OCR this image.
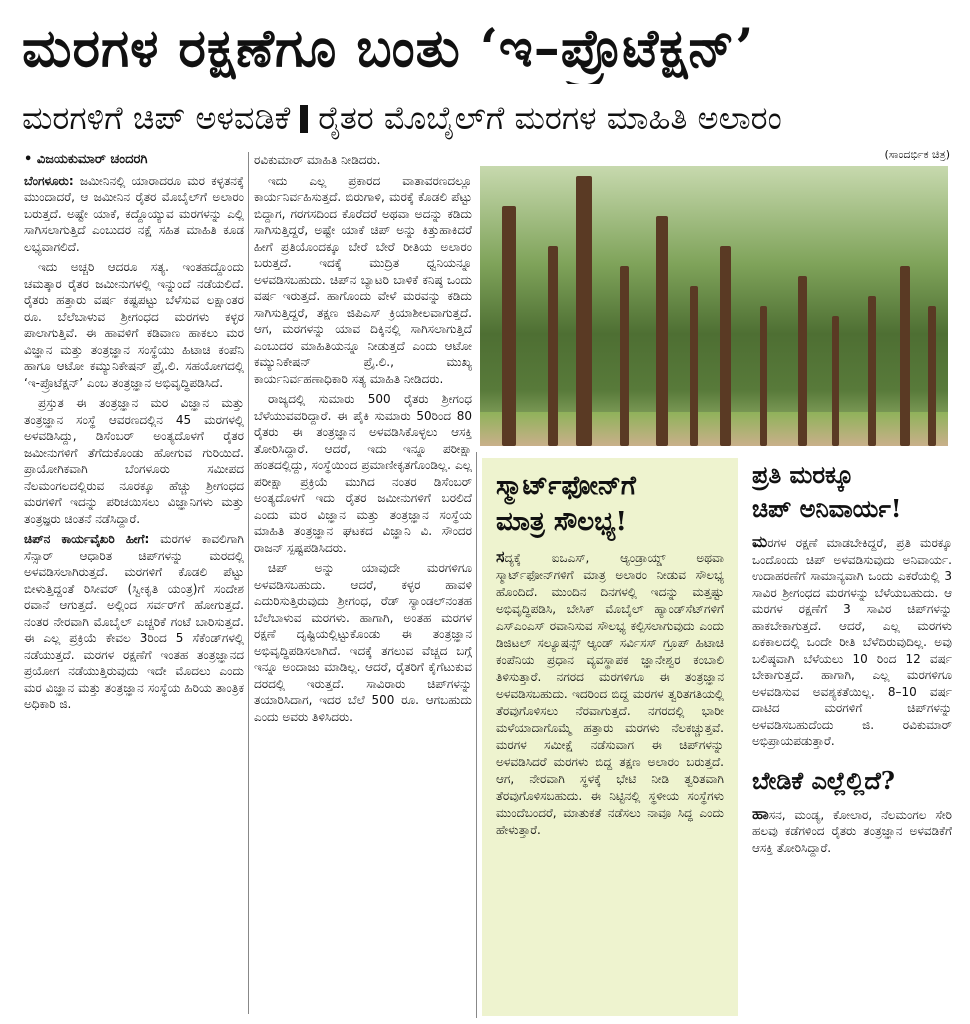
ಮರಗಳ ರಕ್ಷಣೆಗೂ ಬಂತು ‘ಇ–ಪ್ರೊಟೆಕ್ಷನ್’
ಮರಗಳಿಗೆ ಚಿಪ್ ಅಳವಡಿಕೆ ರೈತರ ಮೊಬೈಲ್‌ಗೆ ಮರಗಳ ಮಾಹಿತಿ ಅಲಾರಂ
(ಸಾಂದರ್ಭಿಕ ಚಿತ್ರ)
• ವಿಜಯಕುಮಾರ್ ಚಂದರಗಿ

ಬೆಂಗಳೂರು: ಜಮೀನಿನಲ್ಲಿ ಯಾರಾದರೂ ಮರ ಕಳ್ಳತನಕ್ಕೆ ಮುಂದಾದರೆ, ಆ ಜಮೀನಿನ ರೈತರ ಮೊಬೈಲ್‌ಗೆ ಅಲಾರಂ ಬರುತ್ತದೆ. ಅಷ್ಟೇ ಯಾಕೆ, ಕದ್ದೊಯ್ಯುವ ಮರಗಳನ್ನು ಎಲ್ಲಿ ಸಾಗಿಸಲಾಗುತ್ತಿದೆ ಎಂಬುದರ ನಕ್ಷೆ ಸಹಿತ ಮಾಹಿತಿ ಕೂಡ ಲಭ್ಯವಾಗಲಿದೆ.

ಇದು ಅಚ್ಚರಿ ಆದರೂ ಸತ್ಯ. ಇಂತಹದ್ದೊಂದು ಚಮತ್ಕಾರ ರೈತರ ಜಮೀನುಗಳಲ್ಲಿ ಇನ್ನುಂದೆ ನಡೆಯಲಿದೆ. ರೈತರು ಹತ್ತಾರು ವರ್ಷ ಕಷ್ಟಪಟ್ಟು ಬೆಳೆಸುವ ಲಕ್ಷಾಂತರ ರೂ. ಬೆಲೆಬಾಳುವ ಶ್ರೀಗಂಧದ ಮರಗಳು ಕಳ್ಳರ ಪಾಲಾಗುತ್ತಿವೆ. ಈ ಹಾವಳಿಗೆ ಕಡಿವಾಣ ಹಾಕಲು ಮರ ವಿಜ್ಞಾನ ಮತ್ತು ತಂತ್ರಜ್ಞಾನ ಸಂಸ್ಥೆಯು ಹಿಟಾಚಿ ಕಂಪೆನಿ ಹಾಗೂ ಆಟೋ ಕಮ್ಯುನಿಕೇಷನ್ ಪ್ರೈ.ಲಿ. ಸಹಯೋಗದಲ್ಲಿ ‘ಇ-ಪ್ರೊಟೆಕ್ಷನ್’ ಎಂಬ ತಂತ್ರಜ್ಞಾನ ಅಭಿವೃದ್ಧಿಪಡಿಸಿದೆ.

ಪ್ರಸ್ತುತ ಈ ತಂತ್ರಜ್ಞಾನ ಮರ ವಿಜ್ಞಾನ ಮತ್ತು ತಂತ್ರಜ್ಞಾನ ಸಂಸ್ಥೆ ಆವರಣದಲ್ಲಿನ 45 ಮರಗಳಲ್ಲಿ ಅಳವಡಿಸಿದ್ದು, ಡಿಸೆಂಬರ್ ಅಂತ್ಯದೊಳಗೆ ರೈತರ ಜಮೀನುಗಳಿಗೆ ತೆಗೆದುಕೊಂಡು ಹೋಗುವ ಗುರಿಯಿದೆ. ಪ್ರಾಯೋಗಿಕವಾಗಿ ಬೆಂಗಳೂರು ಸಮೀಪದ ನೆಲಮಂಗಲದಲ್ಲಿರುವ ನೂರಕ್ಕೂ ಹೆಚ್ಚು ಶ್ರೀಗಂಧದ ಮರಗಳಿಗೆ ಇದನ್ನು ಪರಿಚಯಿಸಲು ವಿಜ್ಞಾನಿಗಳು ಮತ್ತು ತಂತ್ರಜ್ಞರು ಚಿಂತನೆ ನಡೆಸಿದ್ದಾರೆ.

ಚಿಪ್‌ನ ಕಾರ್ಯವೈಖರಿ ಹೀಗೆ: ಮರಗಳ ಕಾವಲಿಗಾಗಿ ಸೆನ್ಸಾರ್ ಆಧಾರಿತ ಚಿಪ್‌ಗಳನ್ನು ಮರದಲ್ಲಿ ಅಳವಡಿಸಲಾಗಿರುತ್ತದೆ. ಮರಗಳಿಗೆ ಕೊಡಲಿ ಪೆಟ್ಟು ಬೀಳುತ್ತಿದ್ದಂತೆ ರಿಸೀವರ್ (ಸ್ವೀಕೃತಿ ಯಂತ್ರ)ಗೆ ಸಂದೇಶ ರವಾನೆ ಆಗುತ್ತದೆ. ಅಲ್ಲಿಂದ ಸರ್ವರ್‌ಗೆ ಹೋಗುತ್ತದೆ. ನಂತರ ನೇರವಾಗಿ ಮೊಬೈಲ್ ಎಚ್ಚರಿಕೆ ಗಂಟೆ ಬಾರಿಸುತ್ತದೆ. ಈ ಎಲ್ಲ ಪ್ರಕ್ರಿಯೆ ಕೇವಲ 3ರಿಂದ 5 ಸೆಕೆಂಡ್‌ಗಳಲ್ಲಿ ನಡೆಯುತ್ತದೆ. ಮರಗಳ ರಕ್ಷಣೆಗೆ ಇಂತಹ ತಂತ್ರಜ್ಞಾನದ ಪ್ರಯೋಗ ನಡೆಯುತ್ತಿರುವುದು ಇದೇ ಮೊದಲು ಎಂದು ಮರ ವಿಜ್ಞಾನ ಮತ್ತು ತಂತ್ರಜ್ಞಾನ ಸಂಸ್ಥೆಯ ಹಿರಿಯ ತಾಂತ್ರಿಕ ಅಧಿಕಾರಿ ಜಿ.

ರವಿಕುಮಾರ್ ಮಾಹಿತಿ ನೀಡಿದರು.

ಇದು ಎಲ್ಲ ಪ್ರಕಾರದ ವಾತಾವರಣದಲ್ಲೂ ಕಾರ್ಯನಿರ್ವಹಿಸುತ್ತದೆ. ಬಿರುಗಾಳಿ, ಮರಕ್ಕೆ ಕೊಡಲಿ ಪೆಟ್ಟು ಬಿದ್ದಾಗ, ಗರಗಸದಿಂದ ಕೊರೆದರೆ ಅಥವಾ ಅದನ್ನು ಕಡಿದು ಸಾಗಿಸುತ್ತಿದ್ದರೆ, ಅಷ್ಟೇ ಯಾಕೆ ಚಿಪ್ ಅನ್ನು ಕಿತ್ತುಹಾಕಿದರೆ ಹೀಗೆ ಪ್ರತಿಯೊಂದಕ್ಕೂ ಬೇರೆ ಬೇರೆ ರೀತಿಯ ಅಲಾರಂ ಬರುತ್ತದೆ. ಇದಕ್ಕೆ ಮುದ್ರಿತ ಧ್ವನಿಯನ್ನೂ ಅಳವಡಿಸಬಹುದು. ಚಿಪ್‌ನ ಬ್ಯಾಟರಿ ಬಾಳಿಕೆ ಕನಿಷ್ಠ ಒಂದು ವರ್ಷ ಇರುತ್ತದೆ. ಹಾಗೊಂದು ವೇಳೆ ಮರವನ್ನು ಕಡಿದು ಸಾಗಿಸುತ್ತಿದ್ದರೆ, ತಕ್ಷಣ ಜಿಪಿಎಸ್ ಕ್ರಿಯಾಶೀಲವಾಗುತ್ತದೆ. ಆಗ, ಮರಗಳನ್ನು ಯಾವ ದಿಕ್ಕಿನಲ್ಲಿ ಸಾಗಿಸಲಾಗುತ್ತಿದೆ ಎಂಬುದರ ಮಾಹಿತಿಯನ್ನೂ ನೀಡುತ್ತದೆ ಎಂದು ಆಟೋ ಕಮ್ಯುನಿಕೇಷನ್ ಪ್ರೈ.ಲಿ., ಮುಖ್ಯ ಕಾರ್ಯನಿರ್ವಹಣಾಧಿಕಾರಿ ಸತ್ಯ ಮಾಹಿತಿ ನೀಡಿದರು.

ರಾಜ್ಯದಲ್ಲಿ ಸುಮಾರು 500 ರೈತರು ಶ್ರೀಗಂಧ ಬೆಳೆಯುವವರಿದ್ದಾರೆ. ಈ ಪೈಕಿ ಸುಮಾರು 50ರಿಂದ 80 ರೈತರು ಈ ತಂತ್ರಜ್ಞಾನ ಅಳವಡಿಸಿಕೊಳ್ಳಲು ಆಸಕ್ತಿ ತೋರಿಸಿದ್ದಾರೆ. ಆದರೆ, ಇದು ಇನ್ನೂ ಪರೀಕ್ಷಾ ಹಂತದಲ್ಲಿದ್ದು, ಸಂಸ್ಥೆಯಿಂದ ಪ್ರಮಾಣೀಕೃತಗೊಂಡಿಲ್ಲ. ಎಲ್ಲ ಪರೀಕ್ಷಾ ಪ್ರಕ್ರಿಯೆ ಮುಗಿದ ನಂತರ ಡಿಸೆಂಬರ್ ಅಂತ್ಯದೊಳಗೆ ಇದು ರೈತರ ಜಮೀನುಗಳಿಗೆ ಬರಲಿದೆ ಎಂದು ಮರ ವಿಜ್ಞಾನ ಮತ್ತು ತಂತ್ರಜ್ಞಾನ ಸಂಸ್ಥೆಯ ಮಾಹಿತಿ ತಂತ್ರಜ್ಞಾನ ಘಟಕದ ವಿಜ್ಞಾನಿ ವಿ. ಸೌಂದರ ರಾಜನ್ ಸ್ಪಷ್ಟಪಡಿಸಿದರು.

ಚಿಪ್ ಅನ್ನು ಯಾವುದೇ ಮರಗಳಿಗೂ ಅಳವಡಿಸಬಹುದು. ಆದರೆ, ಕಳ್ಳರ ಹಾವಳಿ ಎದುರಿಸುತ್ತಿರುವುದು ಶ್ರೀಗಂಧ, ರೆಡ್ ಸ್ಯಾಂಡಲ್‌ನಂತಹ ಬೆಲೆಬಾಳುವ ಮರಗಳು. ಹಾಗಾಗಿ, ಅಂತಹ ಮರಗಳ ರಕ್ಷಣೆ ದೃಷ್ಟಿಯಲ್ಲಿಟ್ಟುಕೊಂಡು ಈ ತಂತ್ರಜ್ಞಾನ ಅಭಿವೃದ್ಧಿಪಡಿಸಲಾಗಿದೆ. ಇದಕ್ಕೆ ತಗಲುವ ವೆಚ್ಚದ ಬಗ್ಗೆ ಇನ್ನೂ ಅಂದಾಜು ಮಾಡಿಲ್ಲ. ಆದರೆ, ರೈತರಿಗೆ ಕೈಗೆಟುಕುವ ದರದಲ್ಲಿ ಇರುತ್ತದೆ. ಸಾವಿರಾರು ಚಿಪ್‌ಗಳನ್ನು ತಯಾರಿಸಿದಾಗ, ಇದರ ಬೆಲೆ 500 ರೂ. ಆಗಬಹುದು ಎಂದು ಅವರು ತಿಳಿಸಿದರು.

ಸ್ಮಾರ್ಟ್‌ಫೋನ್‌ಗೆ
ಮಾತ್ರ ಸೌಲಭ್ಯ!
ಸದ್ಯಕ್ಕೆ ಐಒಎಸ್, ಆ್ಯಂಡ್ರಾಯ್ಡ್ ಅಥವಾ ಸ್ಮಾರ್ಟ್‌ಫೋನ್‌ಗಳಿಗೆ ಮಾತ್ರ ಅಲಾರಂ ನೀಡುವ ಸೌಲಭ್ಯ ಹೊಂದಿದೆ. ಮುಂದಿನ ದಿನಗಳಲ್ಲಿ ಇದನ್ನು ಮತ್ತಷ್ಟು ಅಭಿವೃದ್ಧಿಪಡಿಸಿ, ಬೇಸಿಕ್ ಮೊಬೈಲ್ ಹ್ಯಾಂಡ್‌ಸೆಟ್‌ಗಳಿಗೆ ಎಸ್‌ಎಂಎಸ್ ರವಾನಿಸುವ ಸೌಲಭ್ಯ ಕಲ್ಪಿಸಲಾಗುವುದು ಎಂದು ಡಿಜಿಟಲ್ ಸಲ್ಯೂಷನ್ಸ್ ಆ್ಯಂಡ್ ಸರ್ವಿಸಸ್ ಗ್ರೂಪ್ ಹಿಟಾಚಿ ಕಂಪೆನಿಯ ಪ್ರಧಾನ ವ್ಯವಸ್ಥಾಪಕ ಜ್ಞಾನೇಶ್ವರ ಕಂಬಾಲಿ ತಿಳಿಸುತ್ತಾರೆ. ನಗರದ ಮರಗಳಿಗೂ ಈ ತಂತ್ರಜ್ಞಾನ ಅಳವಡಿಸಬಹುದು. ಇದರಿಂದ ಬಿದ್ದ ಮರಗಳ ತ್ವರಿತಗತಿಯಲ್ಲಿ ತೆರವುಗೊಳಿಸಲು ನೆರವಾಗುತ್ತದೆ. ನಗರದಲ್ಲಿ ಭಾರೀ ಮಳೆಯಾದಾಗೊಮ್ಮೆ ಹತ್ತಾರು ಮರಗಳು ನೆಲಕಚ್ಚುತ್ತವೆ. ಮರಗಳ ಸಮೀಕ್ಷೆ ನಡೆಸುವಾಗ ಈ ಚಿಪ್‌ಗಳನ್ನು ಅಳವಡಿಸಿದರೆ ಮರಗಳು ಬಿದ್ದ ತಕ್ಷಣ ಅಲಾರಂ ಬರುತ್ತದೆ. ಆಗ, ನೇರವಾಗಿ ಸ್ಥಳಕ್ಕೆ ಭೇಟಿ ನೀಡಿ ತ್ವರಿತವಾಗಿ ತೆರವುಗೊಳಿಸಬಹುದು. ಈ ನಿಟ್ಟಿನಲ್ಲಿ ಸ್ಥಳೀಯ ಸಂಸ್ಥೆಗಳು ಮುಂದೆಬಂದರೆ, ಮಾತುಕತೆ ನಡೆಸಲು ನಾವೂ ಸಿದ್ಧ ಎಂದು ಹೇಳುತ್ತಾರೆ.
ಪ್ರತಿ ಮರಕ್ಕೂ
ಚಿಪ್ ಅನಿವಾರ್ಯ!

ಮರಗಳ ರಕ್ಷಣೆ ಮಾಡಬೇಕಿದ್ದರೆ, ಪ್ರತಿ ಮರಕ್ಕೂ ಒಂದೊಂದು ಚಿಪ್ ಅಳವಡಿಸುವುದು ಅನಿವಾರ್ಯ. ಉದಾಹರಣೆಗೆ ಸಾಮಾನ್ಯವಾಗಿ ಒಂದು ಎಕರೆಯಲ್ಲಿ 3 ಸಾವಿರ ಶ್ರೀಗಂಧದ ಮರಗಳನ್ನು ಬೆಳೆಯಬಹುದು. ಆ ಮರಗಳ ರಕ್ಷಣೆಗೆ 3 ಸಾವಿರ ಚಿಪ್‌ಗಳನ್ನು ಹಾಕಬೇಕಾಗುತ್ತದೆ. ಆದರೆ, ಎಲ್ಲ ಮರಗಳು ಏಕಕಾಲದಲ್ಲಿ ಒಂದೇ ರೀತಿ ಬೆಳೆದಿರುವುದಿಲ್ಲ. ಅವು ಬಲಿಷ್ಠವಾಗಿ ಬೆಳೆಯಲು 10 ರಿಂದ 12 ವರ್ಷ ಬೇಕಾಗುತ್ತದೆ. ಹಾಗಾಗಿ, ಎಲ್ಲ ಮರಗಳಿಗೂ ಅಳವಡಿಸುವ ಅವಶ್ಯಕತೆಯಿಲ್ಲ. 8–10 ವರ್ಷ ದಾಟಿದ ಮರಗಳಿಗೆ ಚಿಪ್‌ಗಳನ್ನು ಅಳವಡಿಸಬಹುದೆಂದು ಜಿ. ರವಿಕುಮಾರ್ ಅಭಿಪ್ರಾಯಪಡುತ್ತಾರೆ.

ಬೇಡಿಕೆ ಎಲ್ಲೆಲ್ಲಿದೆ?

ಹಾಸನ, ಮಂಡ್ಯ, ಕೋಲಾರ, ನೆಲಮಂಗಲ ಸೇರಿ ಹಲವು ಕಡೆಗಳಿಂದ ರೈತರು ತಂತ್ರಜ್ಞಾನ ಅಳವಡಿಕೆಗೆ ಆಸಕ್ತಿ ತೋರಿಸಿದ್ದಾರೆ.
